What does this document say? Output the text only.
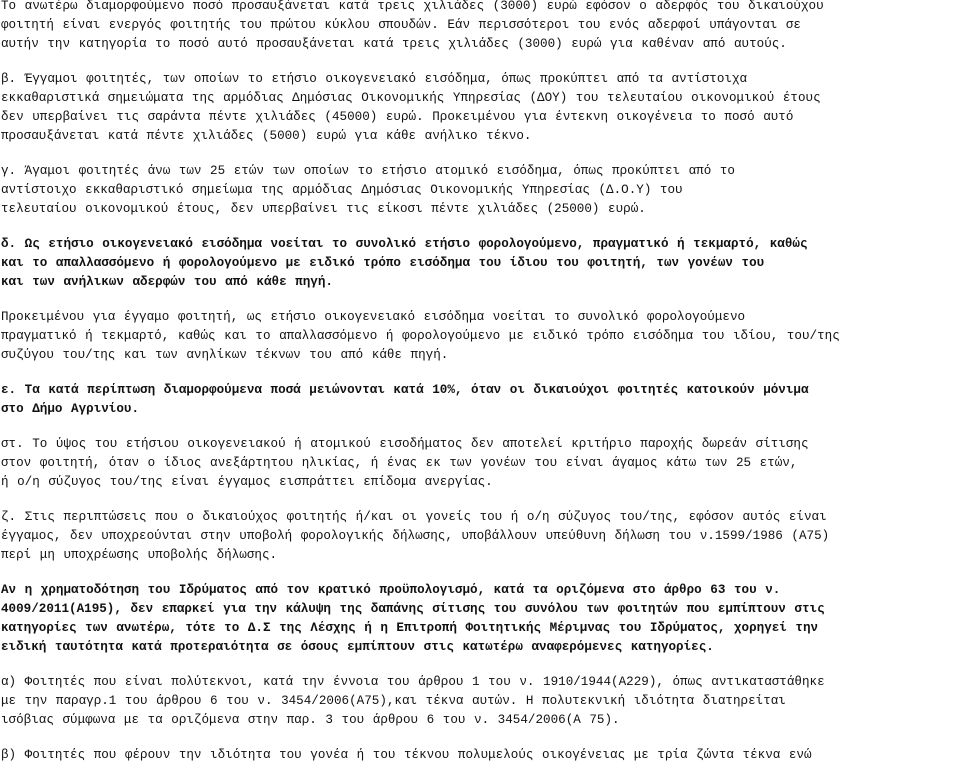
Το ανωτέρω διαμορφούμενο ποσό προσαυξάνεται κατά τρεις χιλιάδες (3000) ευρώ εφόσον ο αδερφός του δικαιούχου
φοιτητή είναι ενεργός φοιτητής του πρώτου κύκλου σπουδών. Εάν περισσότεροι του ενός αδερφοί υπάγονται σε
αυτήν την κατηγορία το ποσό αυτό προσαυξάνεται κατά τρεις χιλιάδες (3000) ευρώ για καθέναν από αυτούς.

β. Έγγαμοι φοιτητές, των οποίων το ετήσιο οικογενειακό εισόδημα, όπως προκύπτει από τα αντίστοιχα
εκκαθαριστικά σημειώματα της αρμόδιας Δημόσιας Οικονομικής Υπηρεσίας (ΔΟΥ) του τελευταίου οικονομικού έτους
δεν υπερβαίνει τις σαράντα πέντε χιλιάδες (45000) ευρώ. Προκειμένου για έντεκνη οικογένεια το ποσό αυτό
προσαυξάνεται κατά πέντε χιλιάδες (5000) ευρώ για κάθε ανήλικο τέκνο.

γ. Άγαμοι φοιτητές άνω των 25 ετών των οποίων το ετήσιο ατομικό εισόδημα, όπως προκύπτει από το
αντίστοιχο εκκαθαριστικό σημείωμα της αρμόδιας Δημόσιας Οικονομικής Υπηρεσίας (Δ.Ο.Υ) του
τελευταίου οικονομικού έτους, δεν υπερβαίνει τις είκοσι πέντε χιλιάδες (25000) ευρώ.

δ. Ως ετήσιο οικογενειακό εισόδημα νοείται το συνολικό ετήσιο φορολογούμενο, πραγματικό ή τεκμαρτό, καθώς
και το απαλλασσόμενο ή φορολογούμενο με ειδικό τρόπο εισόδημα του ίδιου του φοιτητή, των γονέων του
και των ανήλικων αδερφών του από κάθε πηγή.

Προκειμένου για έγγαμο φοιτητή, ως ετήσιο οικογενειακό εισόδημα νοείται το συνολικό φορολογούμενο
πραγματικό ή τεκμαρτό, καθώς και το απαλλασσόμενο ή φορολογούμενο με ειδικό τρόπο εισόδημα του ιδίου, του/της
συζύγου του/της και των ανηλίκων τέκνων του από κάθε πηγή.

ε. Τα κατά περίπτωση διαμορφούμενα ποσά μειώνονται κατά 10%, όταν οι δικαιούχοι φοιτητές κατοικούν μόνιμα
στο Δήμο Αγρινίου.

στ. Το ύψος του ετήσιου οικογενειακού ή ατομικού εισοδήματος δεν αποτελεί κριτήριο παροχής δωρεάν σίτισης
στον φοιτητή, όταν ο ίδιος ανεξάρτητου ηλικίας, ή ένας εκ των γονέων του είναι άγαμος κάτω των 25 ετών,
ή ο/η σύζυγος του/της είναι έγγαμος εισπράττει επίδομα ανεργίας.

ζ. Στις περιπτώσεις που ο δικαιούχος φοιτητής ή/και οι γονείς του ή ο/η σύζυγος του/της, εφόσον αυτός είναι
έγγαμος, δεν υποχρεούνται στην υποβολή φορολογικής δήλωσης, υποβάλλουν υπεύθυνη δήλωση του ν.1599/1986 (Α75)
περί μη υποχρέωσης υποβολής δήλωσης.

Αν η χρηματοδότηση του Ιδρύματος από τον κρατικό προϋπολογισμό, κατά τα οριζόμενα στο άρθρο 63 του ν.
4009/2011(Α195), δεν επαρκεί για την κάλυψη της δαπάνης σίτισης του συνόλου των φοιτητών που εμπίπτουν στις
κατηγορίες των ανωτέρω, τότε το Δ.Σ της Λέσχης ή η Επιτροπή Φοιτητικής Μέριμνας του Ιδρύματος, χορηγεί την
ειδική ταυτότητα κατά προτεραιότητα σε όσους εμπίπτουν στις κατωτέρω αναφερόμενες κατηγορίες.

α) Φοιτητές που είναι πολύτεκνοι, κατά την έννοια του άρθρου 1 του ν. 1910/1944(Α229), όπως αντικαταστάθηκε
με την παραγρ.1 του άρθρου 6 του ν. 3454/2006(Α75),και τέκνα αυτών. Η πολυτεκνική ιδιότητα διατηρείται
ισόβιας σύμφωνα με τα οριζόμενα στην παρ. 3 του άρθρου 6 του ν. 3454/2006(Α 75).

β) Φοιτητές που φέρουν την ιδιότητα του γονέα ή του τέκνου πολυμελούς οικογένειας με τρία ζώντα τέκνα ενώ
